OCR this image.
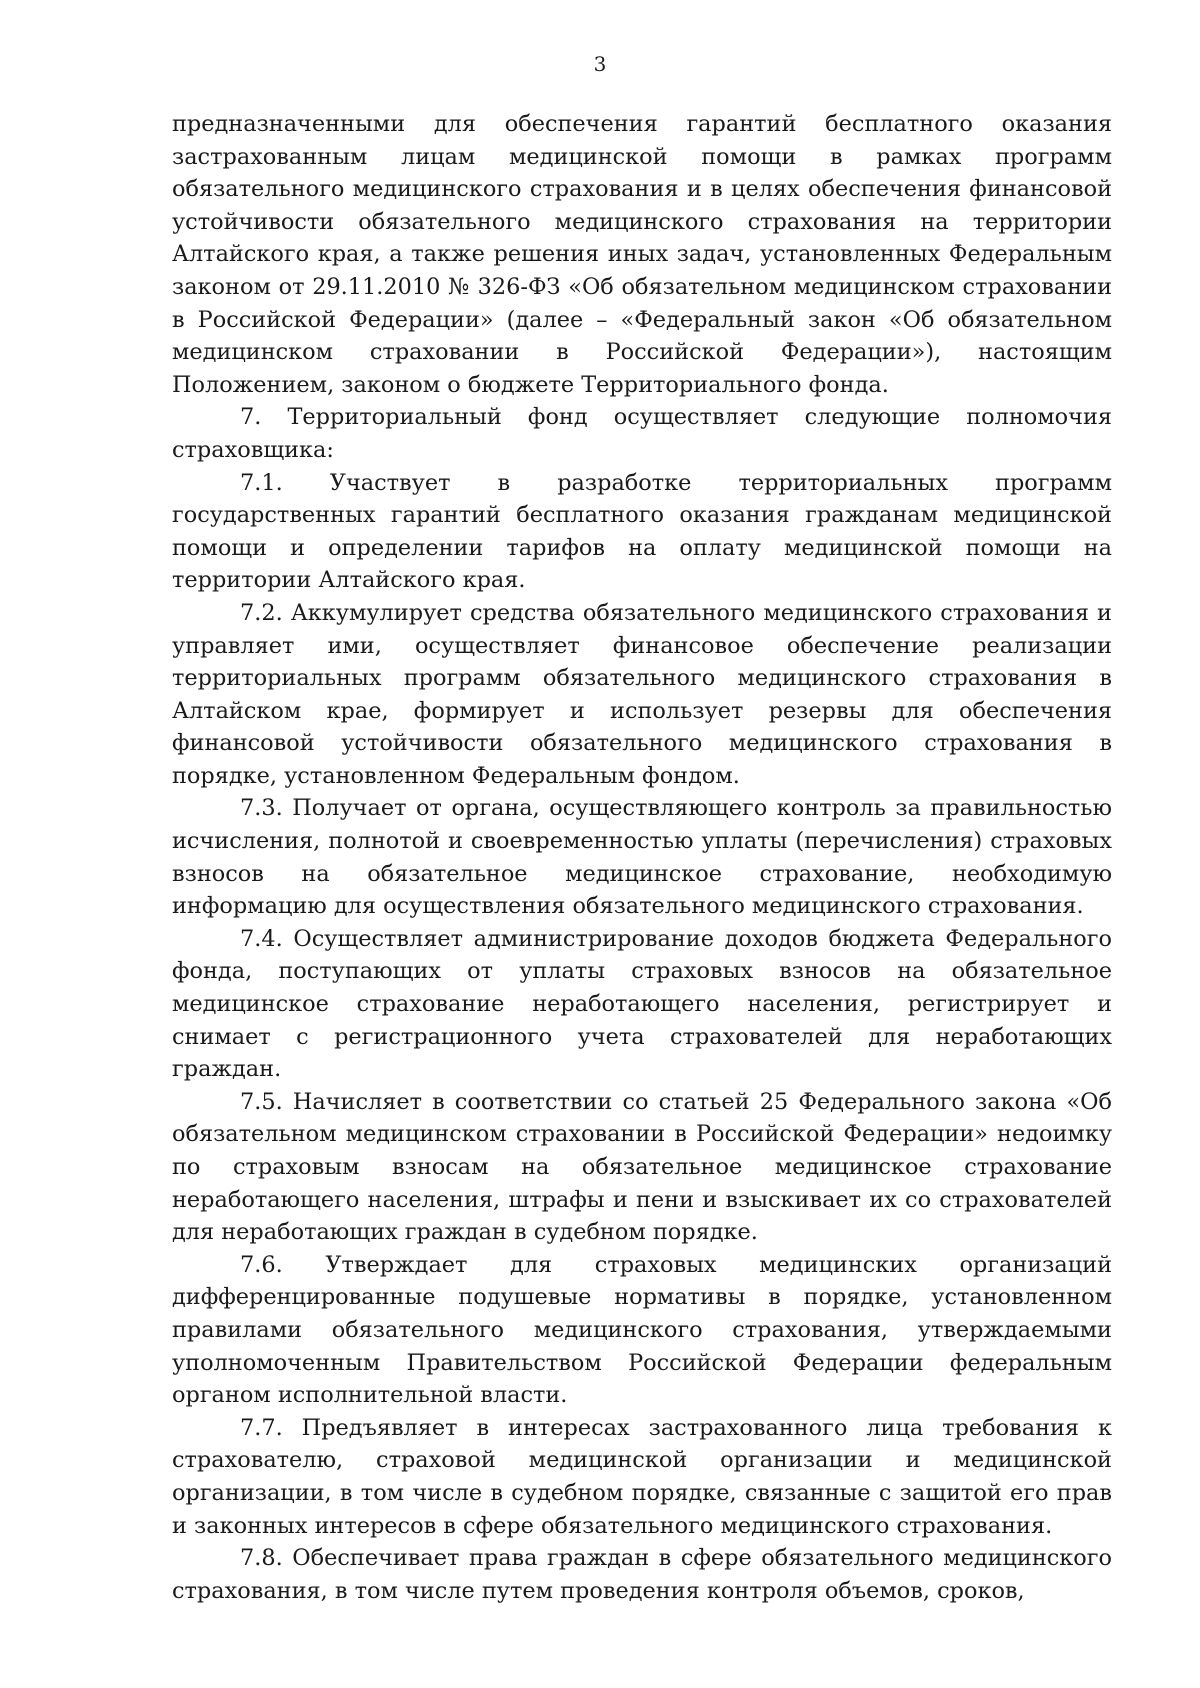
3

предназначенными для обеспечения гарантий бесплатного оказания застрахованным лицам медицинской помощи в рамках программ обязательного медицинского страхования и в целях обеспечения финансовой устойчивости обязательного медицинского страхования на территории Алтайского края, а также решения иных задач, установленных Федеральным законом от 29.11.2010 № 326-ФЗ «Об обязательном медицинском страховании в Российской Федерации» (далее – «Федеральный закон «Об обязательном медицинском страховании в Российской Федерации»), настоящим Положением, законом о бюджете Территориального фонда.

7. Территориальный фонд осуществляет следующие полномочия страховщика:

7.1. Участвует в разработке территориальных программ государственных гарантий бесплатного оказания гражданам медицинской помощи и определении тарифов на оплату медицинской помощи на территории Алтайского края.

7.2. Аккумулирует средства обязательного медицинского страхования и управляет ими, осуществляет финансовое обеспечение реализации территориальных программ обязательного медицинского страхования в Алтайском крае, формирует и использует резервы для обеспечения финансовой устойчивости обязательного медицинского страхования в порядке, установленном Федеральным фондом.

7.3. Получает от органа, осуществляющего контроль за правильностью исчисления, полнотой и своевременностью уплаты (перечисления) страховых взносов на обязательное медицинское страхование, необходимую информацию для осуществления обязательного медицинского страхования.

7.4. Осуществляет администрирование доходов бюджета Федерального фонда, поступающих от уплаты страховых взносов на обязательное медицинское страхование неработающего населения, регистрирует и снимает с регистрационного учета страхователей для неработающих граждан.

7.5. Начисляет в соответствии со статьей 25 Федерального закона «Об обязательном медицинском страховании в Российской Федерации» недоимку по страховым взносам на обязательное медицинское страхование неработающего населения, штрафы и пени и взыскивает их со страхователей для неработающих граждан в судебном порядке.

7.6. Утверждает для страховых медицинских организаций дифференцированные подушевые нормативы в порядке, установленном правилами обязательного медицинского страхования, утверждаемыми уполномоченным Правительством Российской Федерации федеральным органом исполнительной власти.

7.7. Предъявляет в интересах застрахованного лица требования к страхователю, страховой медицинской организации и медицинской организации, в том числе в судебном порядке, связанные с защитой его прав и законных интересов в сфере обязательного медицинского страхования.

7.8. Обеспечивает права граждан в сфере обязательного медицинского страхования, в том числе путем проведения контроля объемов, сроков,
